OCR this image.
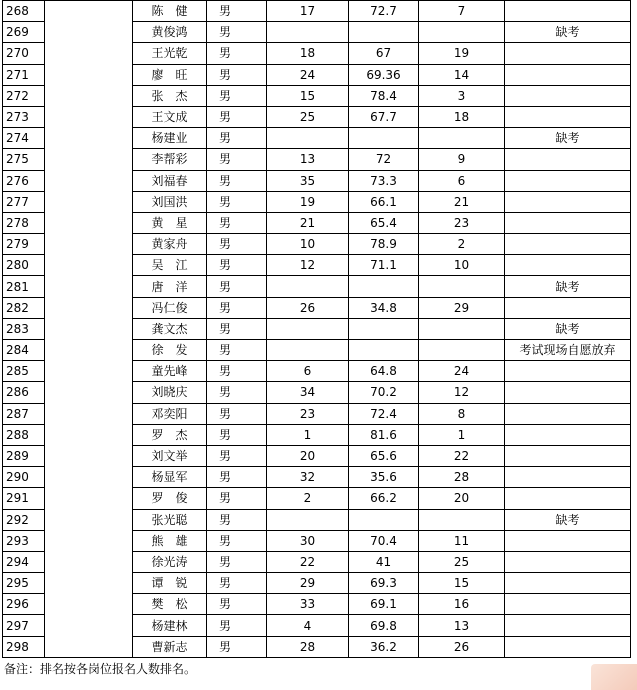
268		陈　健	男	17	72.7	7	
269		黄俊鸿	男				缺考
270		王光乾	男	18	67	19	
271		廖　旺	男	24	69.36	14	
272		张　杰	男	15	78.4	3	
273		王文成	男	25	67.7	18	
274		杨建业	男				缺考
275		李帮彩	男	13	72	9	
276		刘福春	男	35	73.3	6	
277		刘国洪	男	19	66.1	21	
278		黄　星	男	21	65.4	23	
279		黄家舟	男	10	78.9	2	
280		吴　江	男	12	71.1	10	
281		唐　洋	男				缺考
282		冯仁俊	男	26	34.8	29	
283		龚文杰	男				缺考
284		徐　发	男				考试现场自愿放弃
285		童先峰	男	6	64.8	24	
286		刘晓庆	男	34	70.2	12	
287		邓奕阳	男	23	72.4	8	
288		罗　杰	男	1	81.6	1	
289		刘文举	男	20	65.6	22	
290		杨显军	男	32	35.6	28	
291		罗　俊	男	2	66.2	20	
292		张光聪	男				缺考
293		熊　雄	男	30	70.4	11	
294		徐光涛	男	22	41	25	
295		谭　锐	男	29	69.3	15	
296		樊　松	男	33	69.1	16	
297		杨建林	男	4	69.8	13	
298		曹新志	男	28	36.2	26	
备注：排名按各岗位报名人数排名。
